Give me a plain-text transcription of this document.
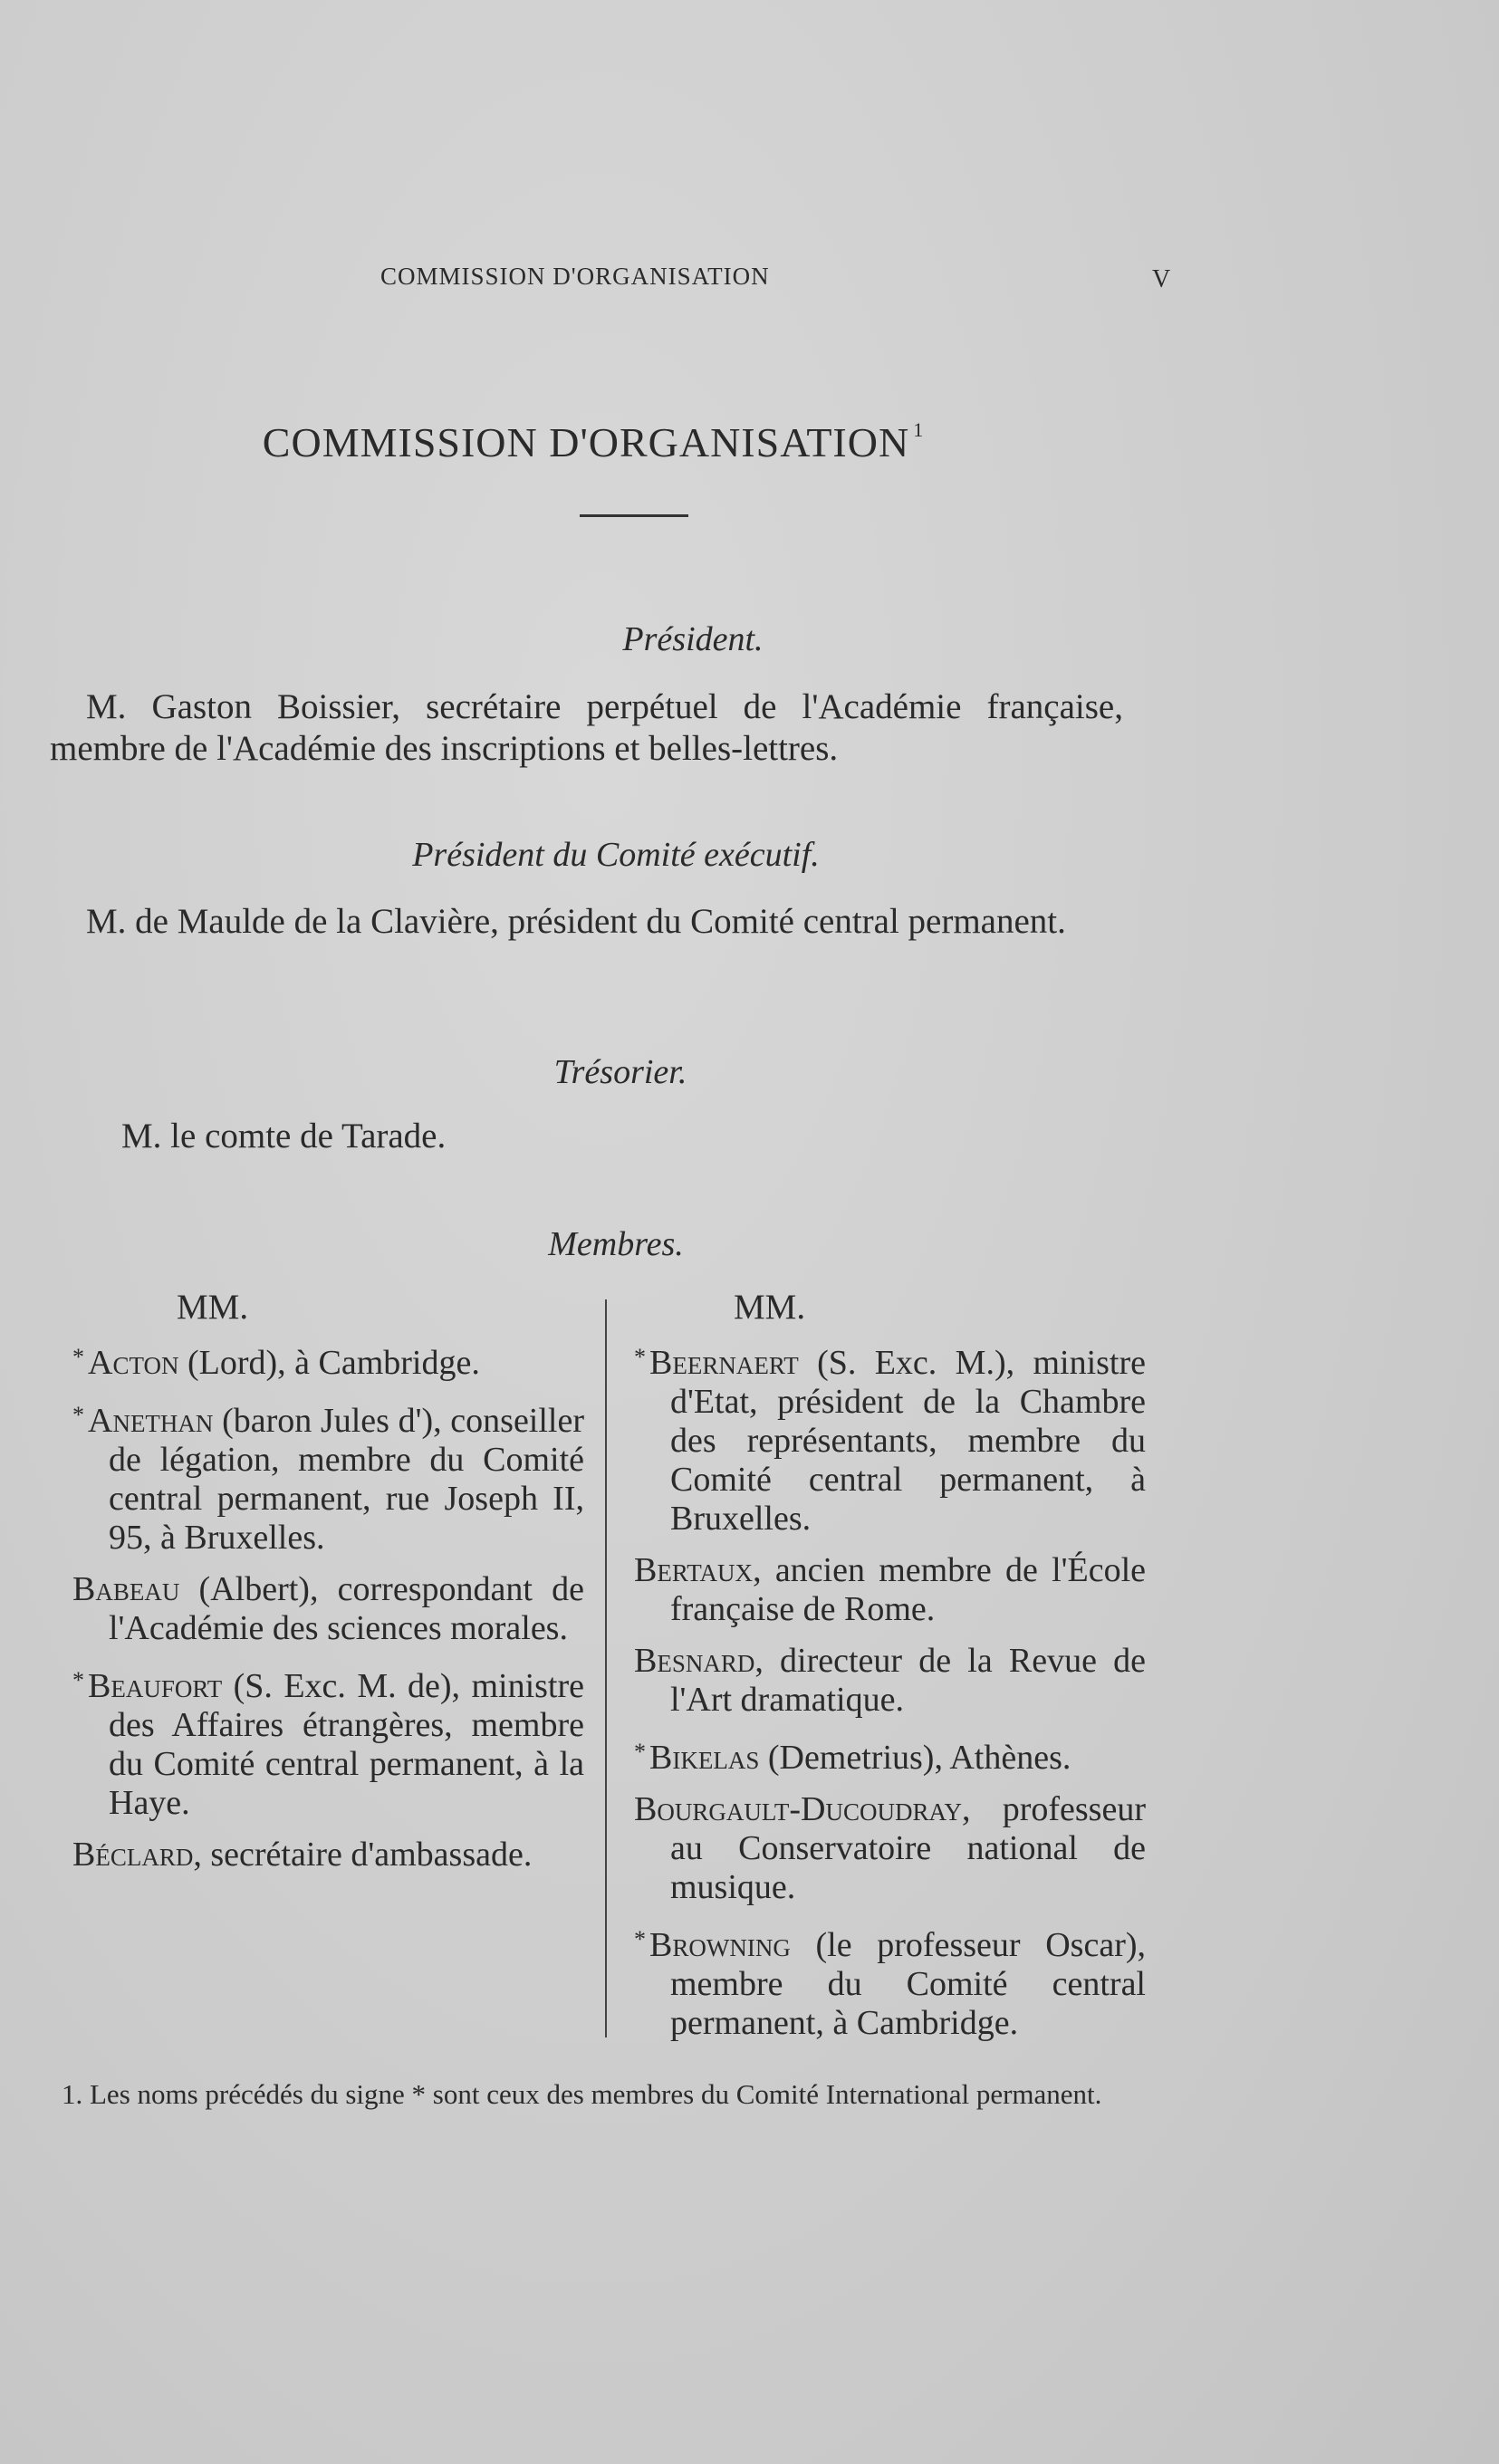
COMMISSION D'ORGANISATION	V
COMMISSION D'ORGANISATION $^1$
Président.
M. Gaston Boissier, secrétaire perpétuel de l'Académie française, membre de l'Académie des inscriptions et belles-lettres.
Président du Comité exécutif.
M. de Maulde de la Clavière, président du Comité central permanent.
Trésorier.
M. le comte de Tarade.
Membres.
MM.
* Acton (Lord), à Cambridge.
* Anethan (baron Jules d'), conseiller de légation, membre du Comité central permanent, rue Joseph II, 95, à Bruxelles.
Babeau (Albert), correspondant de l'Académie des sciences morales.
* Beaufort (S. Exc. M. de), ministre des Affaires étrangères, membre du Comité central permanent, à la Haye.
Béclard, secrétaire d'ambassade.
MM.
* Beernaert (S. Exc. M.), ministre d'Etat, président de la Chambre des représentants, membre du Comité central permanent, à Bruxelles.
Bertaux, ancien membre de l'École française de Rome.
Besnard, directeur de la Revue de l'Art dramatique.
* Bikelas (Demetrius), Athènes.
Bourgault-Ducoudray, professeur au Conservatoire national de musique.
* Browning (le professeur Oscar), membre du Comité central permanent, à Cambridge.
1. Les noms précédés du signe * sont ceux des membres du Comité International permanent.
